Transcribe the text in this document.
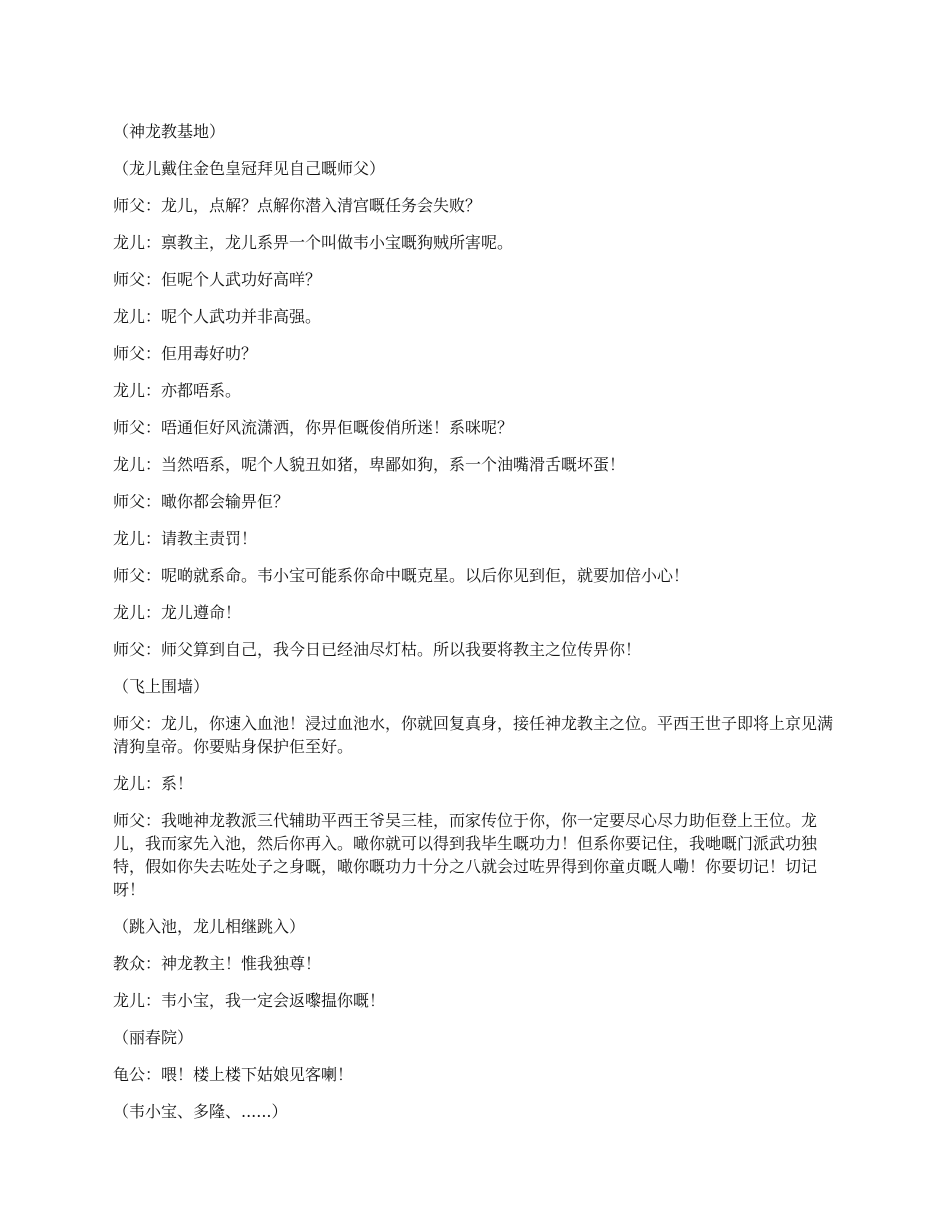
（神龙教基地）

（龙儿戴住金色皇冠拜见自己嘅师父）

师父：龙儿，点解？点解你潜入清宫嘅任务会失败？

龙儿：禀教主，龙儿系畀一个叫做韦小宝嘅狗贼所害呢。

师父：佢呢个人武功好高咩？

龙儿：呢个人武功并非高强。

师父：佢用毒好叻？

龙儿：亦都唔系。

师父：唔通佢好风流潇洒，你畀佢嘅俊俏所迷！系咪呢？

龙儿：当然唔系，呢个人貌丑如猪，卑鄙如狗，系一个油嘴滑舌嘅坏蛋！

师父：噉你都会输畀佢？

龙儿：请教主责罚！

师父：呢啲就系命。韦小宝可能系你命中嘅克星。以后你见到佢，就要加倍小心！

龙儿：龙儿遵命！

师父：师父算到自己，我今日已经油尽灯枯。所以我要将教主之位传畀你！

（飞上围墙）

师父：龙儿，你速入血池！浸过血池水，你就回复真身，接任神龙教主之位。平西王世子即将上京见满清狗皇帝。你要贴身保护佢至好。

龙儿：系！

师父：我哋神龙教派三代辅助平西王爷吴三桂，而家传位于你，你一定要尽心尽力助佢登上王位。龙儿，我而家先入池，然后你再入。噉你就可以得到我毕生嘅功力！但系你要记住，我哋嘅门派武功独特，假如你失去咗处子之身嘅，噉你嘅功力十分之八就会过咗畀得到你童贞嘅人嘞！你要切记！切记呀！

（跳入池，龙儿相继跳入）

教众：神龙教主！惟我独尊！

龙儿：韦小宝，我一定会返嚟揾你嘅！

（丽春院）

龟公：喂！楼上楼下姑娘见客喇！

（韦小宝、多隆、......）
